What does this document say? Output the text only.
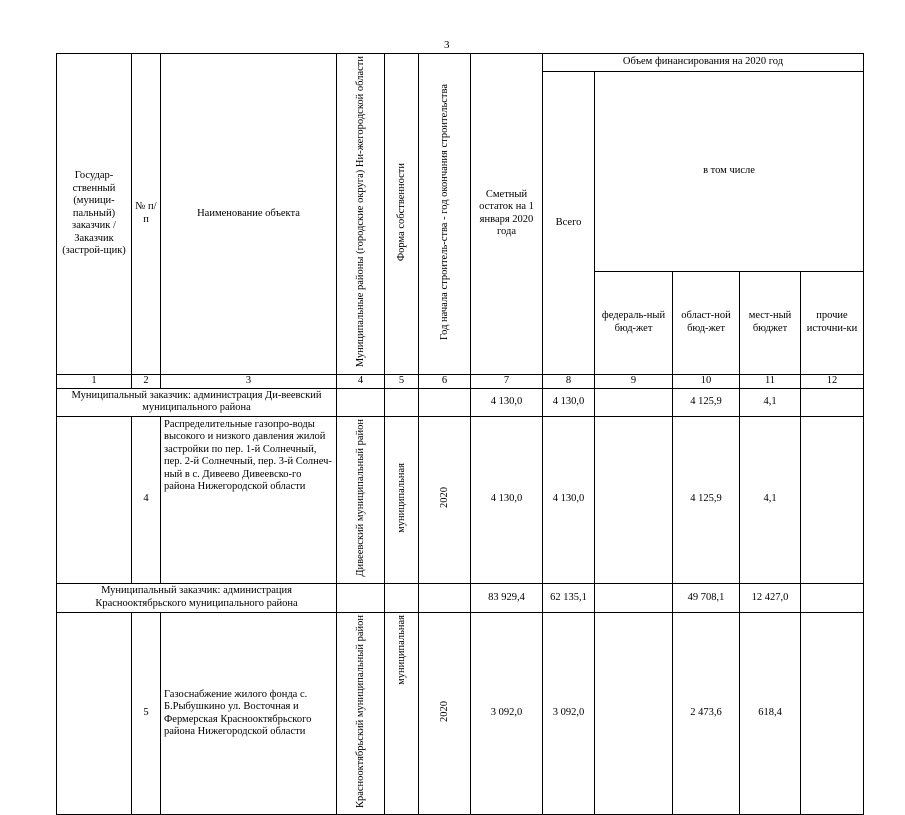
3
Государ-ственный (муници-пальный) заказчик / Заказчик (застрой-щик)	№ п/п	Наименование объекта	Муниципальные районы (городские округа) Ни-жегородской области	Форма собственности	Год начала строитель-ства - год окончания строительства	Сметный остаток на 1 января 2020 года	Объем финансирования на 2020 год				
							Всего	в том числе			
								федераль-ный бюд-жет	област-ной бюд-жет	мест-ный бюджет	прочие источни-ки
1	2	3	4	5	6	7	8	9	10	11	12
Муниципальный заказчик: администрация Ди-веевский муниципального района						4 130,0	4 130,0		4 125,9	4,1	
	4	Распределительные газопро-воды высокого и низкого давления жилой застройки по пер. 1-й Солнечный, пер. 2-й Солнечный, пер. 3-й Солнеч-ный в с. Дивеево Дивеевско-го района Нижегородской области	Дивеевский муниципальный район	муниципальная	2020	4 130,0	4 130,0		4 125,9	4,1	
Муниципальный заказчик: администрация Краснооктябрьского муниципального района						83 929,4	62 135,1		49 708,1	12 427,0	
	5	Газоснабжение жилого фонда с. Б.Рыбушкино ул. Восточная и Фермерская Краснооктябрьского района Нижегородской области	Краснооктябрьский муниципальный район	муниципальная	2020	3 092,0	3 092,0		2 473,6	618,4	
